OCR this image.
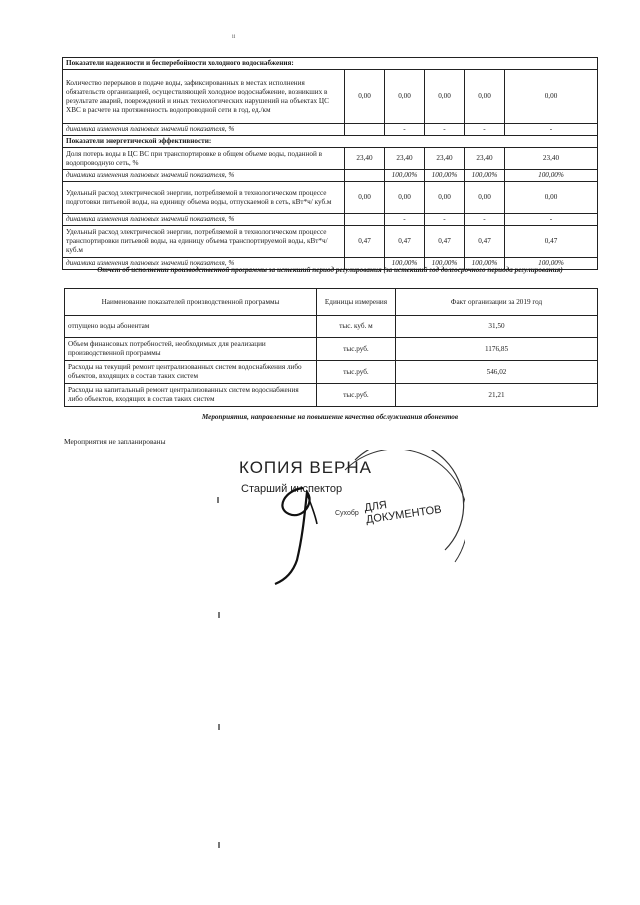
ii
Показатели надежности и бесперебойности холодного водоснабжения:					
Количество перерывов в подаче воды, зафиксированных в местах исполнения обязательств организацией, осуществляющей холодное водоснабжение, возникших в результате аварий, повреждений и иных технологических нарушений на объектах ЦС ХВС в расчете на протяженность водопроводной сети в год, ед./км	0,00	0,00	0,00	0,00	0,00
динамика изменения плановых значений показателя, %		-	-	-	-
Показатели энергетической эффективности:					
Доля потерь воды в ЦС ВС при транспортировке в общем объеме воды, поданной в водопроводную сеть, %	23,40	23,40	23,40	23,40	23,40
динамика изменения плановых значений показателя, %		100,00%	100,00%	100,00%	100,00%
Удельный расход электрической энергии, потребляемой в технологическом процессе подготовки питьевой воды, на единицу объема воды, отпускаемой в сеть, кВт*ч/ куб.м	0,00	0,00	0,00	0,00	0,00
динамика изменения плановых значений показателя, %		-	-	-	-
Удельный расход электрической энергии, потребляемой в технологическом процессе транспортировки питьевой воды, на единицу объема транспортируемой воды, кВт*ч/ куб.м	0,47	0,47	0,47	0,47	0,47
динамика изменения плановых значений показателя, %		100,00%	100,00%	100,00%	100,00%
Отчет об исполнении производственной программы за истекший период регулирования (за истекший год долгосрочного периода регулирования)
Наименование показателей производственной программы	Единицы измерения	Факт организации за 2019 год
отпущено воды абонентам	тыс. куб. м	31,50
Объем финансовых потребностей, необходимых для реализации производственной программы	тыс.руб.	1176,85
Расходы на текущий ремонт централизованных систем водоснабжения либо объектов, входящих в состав таких систем	тыс.руб.	546,02
Расходы на капитальный ремонт централизованных систем водоснабжения либо объектов, входящих в состав таких систем	тыс.руб.	21,21
Мероприятия, направленные на повышение качества обслуживания абонентов
Мероприятия не запланированы
КОПИЯ ВЕРНА
Старший инспектор
ДЛЯ ДОКУМЕНТОВ
Сухобр
